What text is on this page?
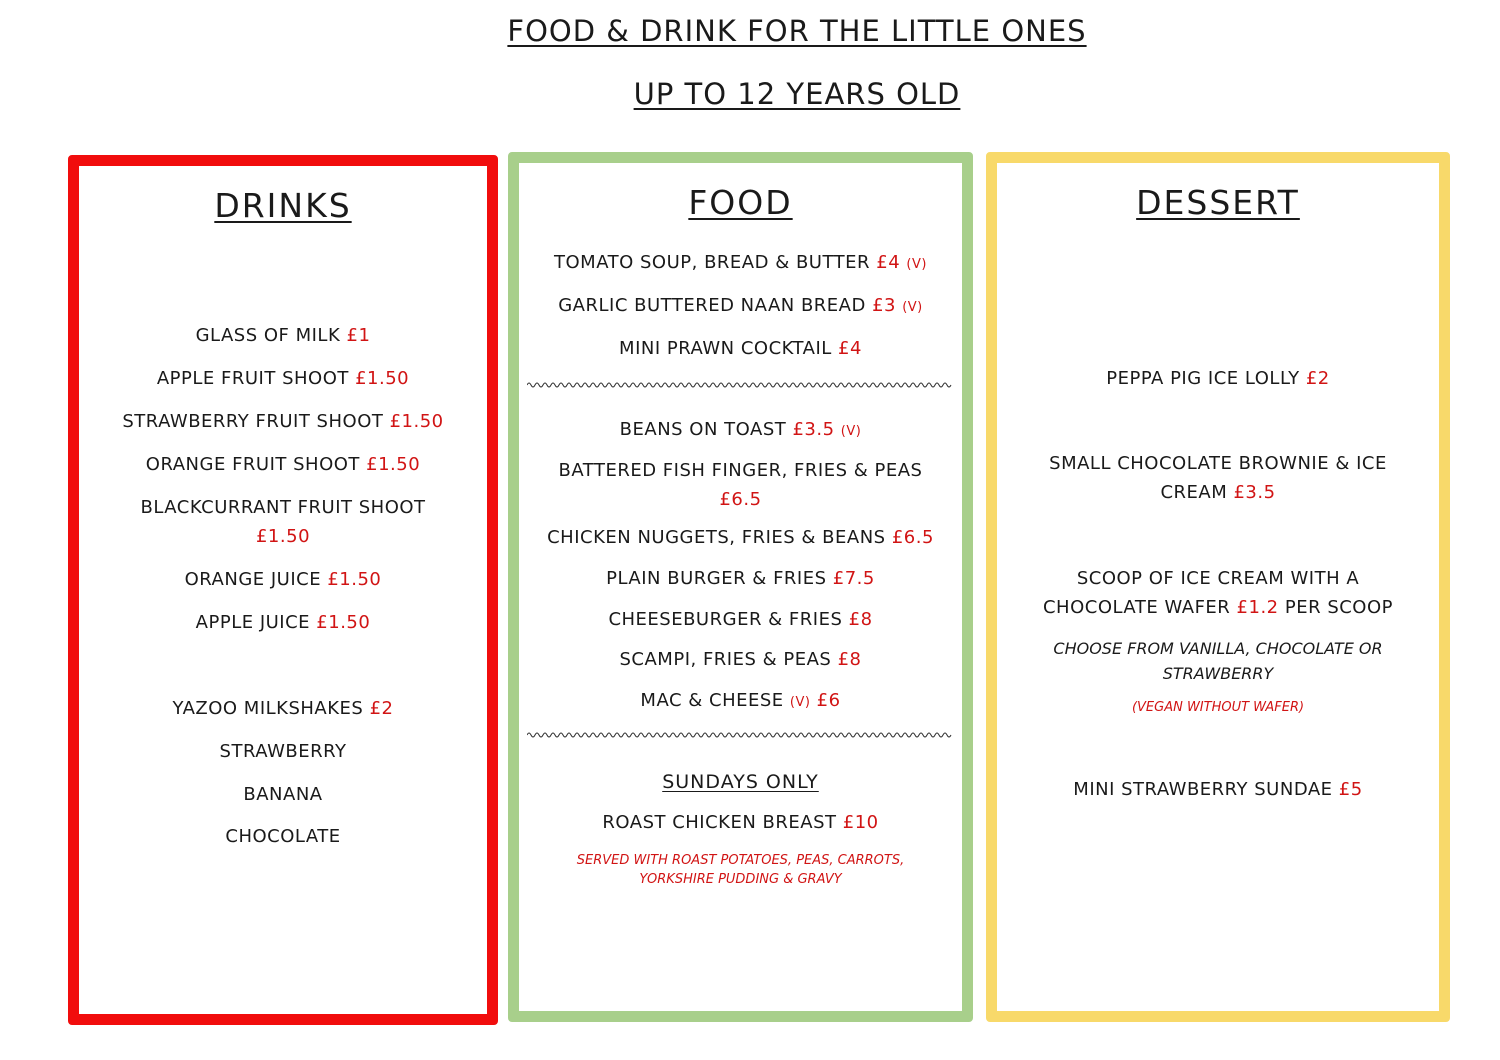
FOOD & DRINK FOR THE LITTLE ONES
UP TO 12 YEARS OLD
DRINKS
GLASS OF MILK £1
APPLE FRUIT SHOOT £1.50
STRAWBERRY FRUIT SHOOT £1.50
ORANGE FRUIT SHOOT £1.50
BLACKCURRANT FRUIT SHOOT
£1.50
ORANGE JUICE £1.50
APPLE JUICE £1.50
YAZOO MILKSHAKES £2
STRAWBERRY
BANANA
CHOCOLATE
FOOD
TOMATO SOUP, BREAD & BUTTER £4 (V)
GARLIC BUTTERED NAAN BREAD £3 (V)
MINI PRAWN COCKTAIL £4
BEANS ON TOAST £3.5 (V)
BATTERED FISH FINGER, FRIES & PEAS
£6.5
CHICKEN NUGGETS, FRIES & BEANS £6.5
PLAIN BURGER & FRIES £7.5
CHEESEBURGER & FRIES £8
SCAMPI, FRIES & PEAS £8
MAC & CHEESE (V) £6
SUNDAYS ONLY
ROAST CHICKEN BREAST £10
SERVED WITH ROAST POTATOES, PEAS, CARROTS, YORKSHIRE PUDDING & GRAVY
DESSERT
PEPPA PIG ICE LOLLY £2
SMALL CHOCOLATE BROWNIE & ICE CREAM £3.5
SCOOP OF ICE CREAM WITH A CHOCOLATE WAFER £1.2 PER SCOOP
CHOOSE FROM VANILLA, CHOCOLATE OR STRAWBERRY
(VEGAN WITHOUT WAFER)
MINI STRAWBERRY SUNDAE £5
